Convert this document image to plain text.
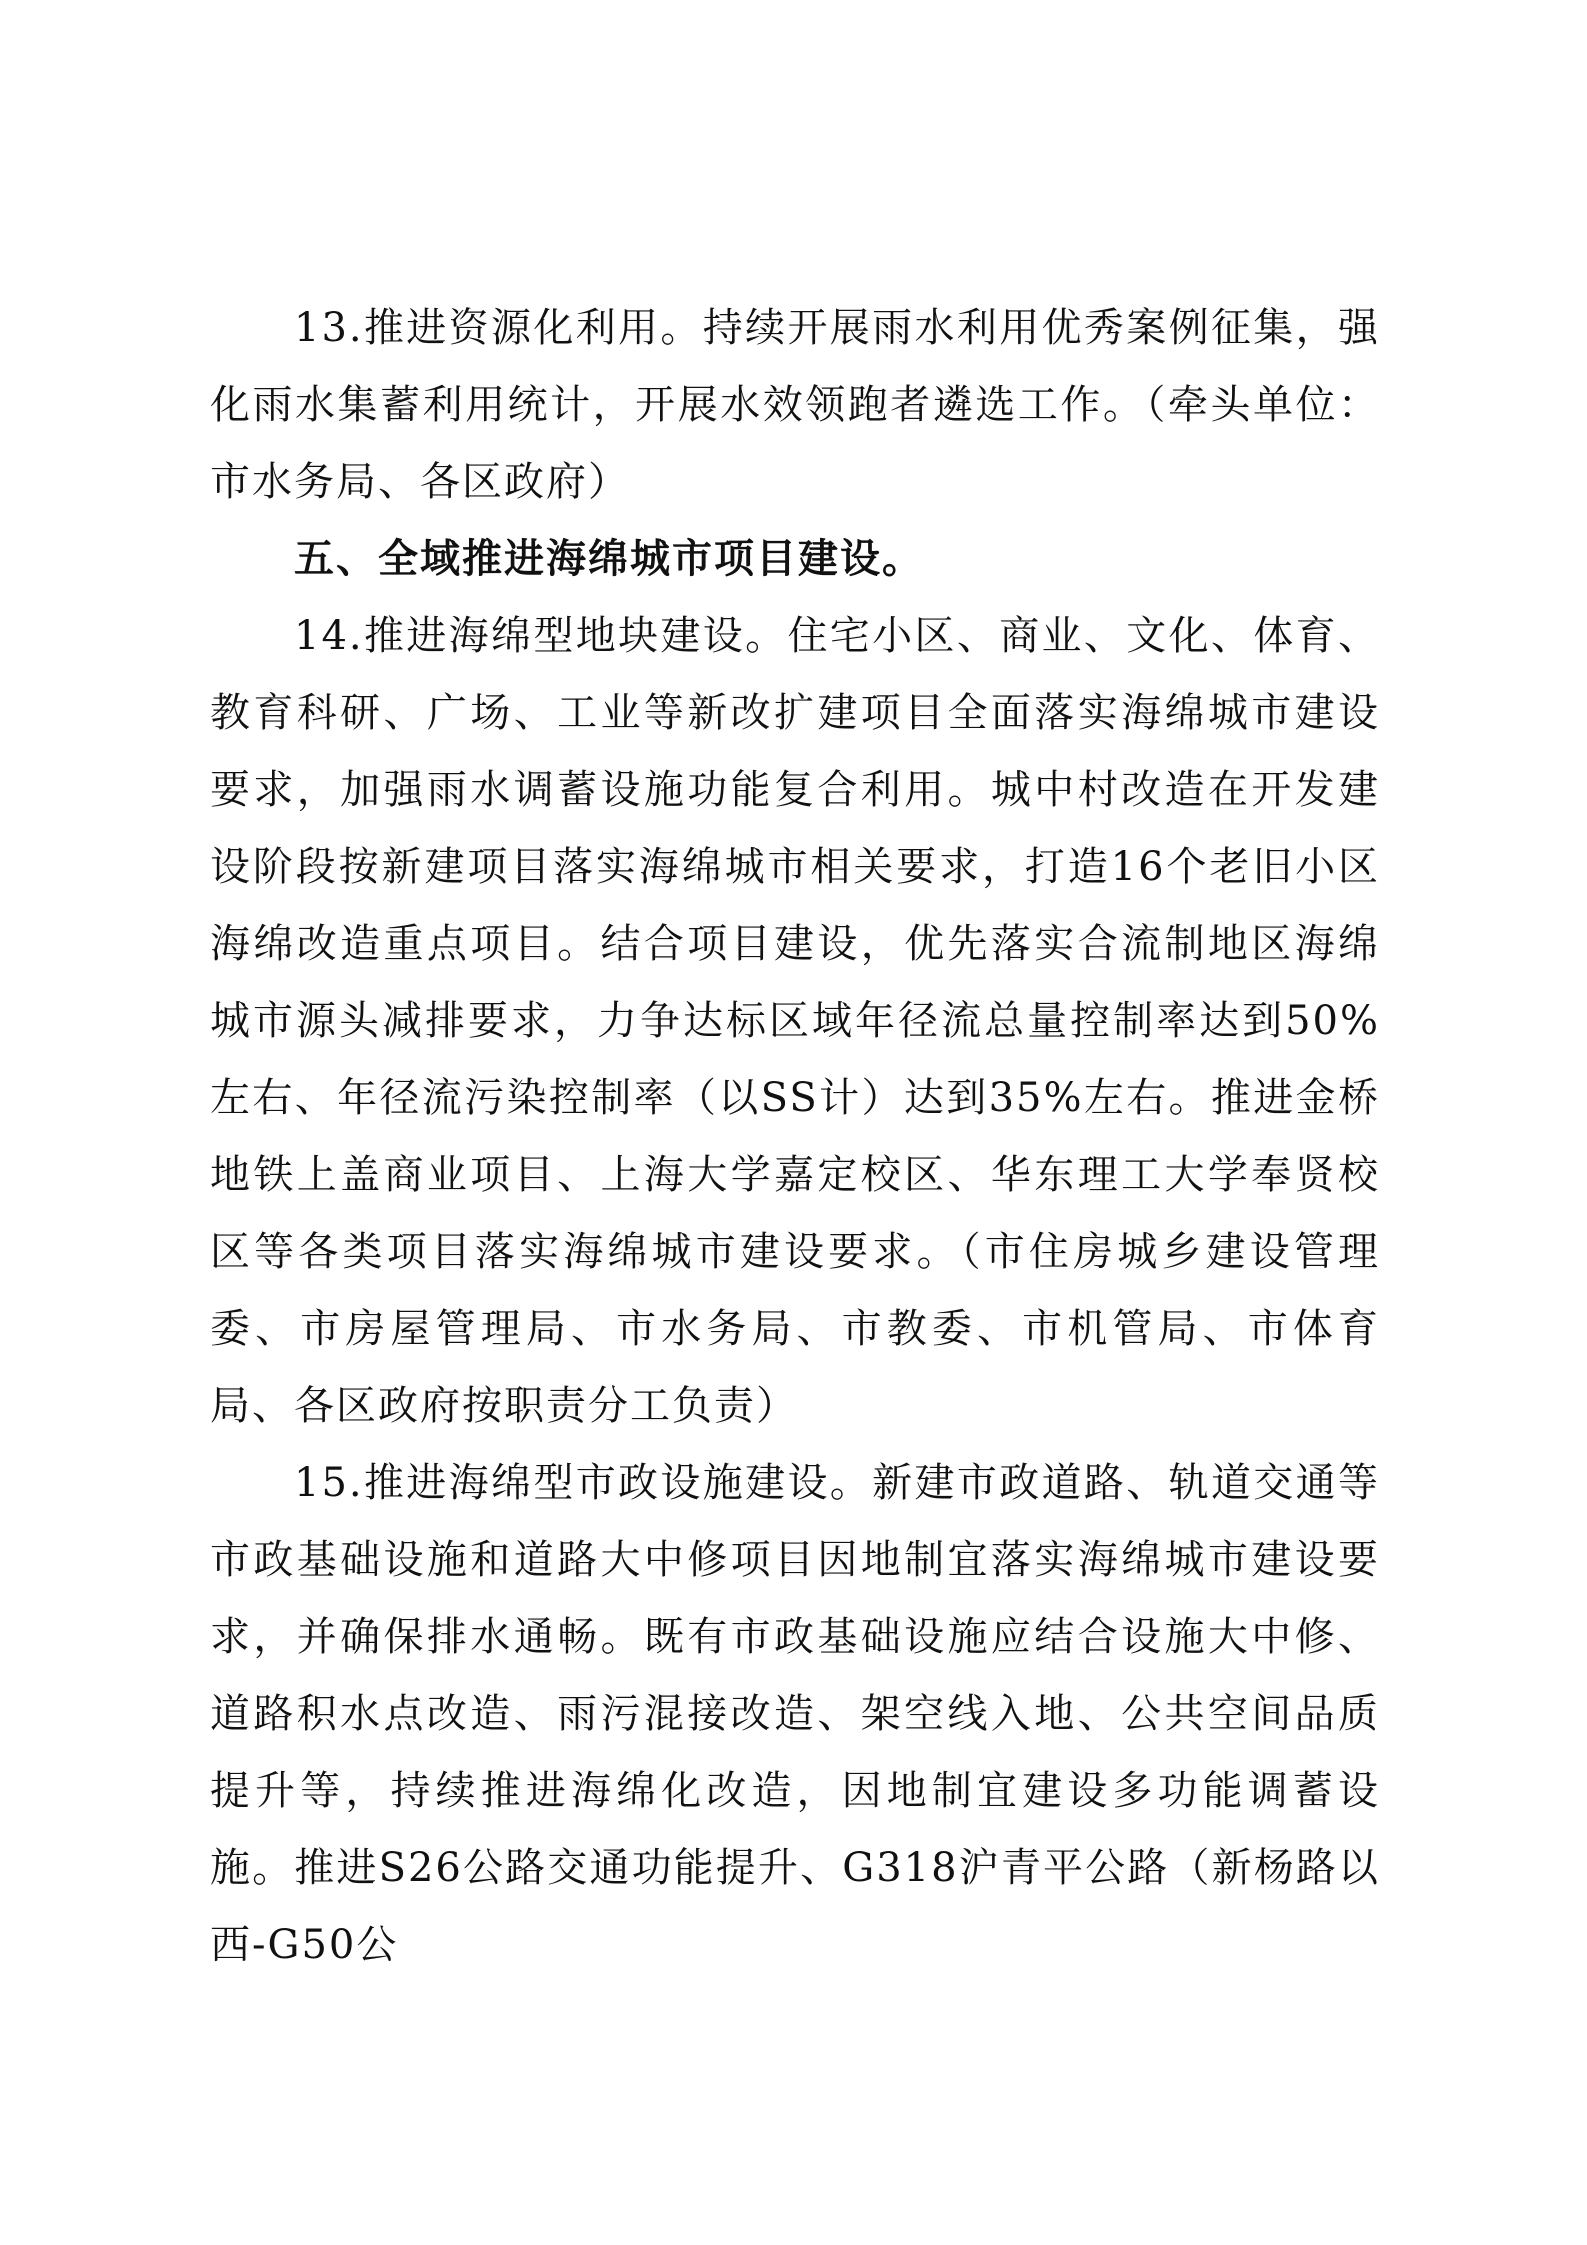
13.推进资源化利用。持续开展雨水利用优秀案例征集，强化雨水集蓄利用统计，开展水效领跑者遴选工作。（牵头单位：市水务局、各区政府）

五、全域推进海绵城市项目建设。

14.推进海绵型地块建设。住宅小区、商业、文化、体育、教育科研、广场、工业等新改扩建项目全面落实海绵城市建设要求，加强雨水调蓄设施功能复合利用。城中村改造在开发建设阶段按新建项目落实海绵城市相关要求，打造16个老旧小区海绵改造重点项目。结合项目建设，优先落实合流制地区海绵城市源头减排要求，力争达标区域年径流总量控制率达到50%左右、年径流污染控制率（以SS计）达到35%左右。推进金桥地铁上盖商业项目、上海大学嘉定校区、华东理工大学奉贤校区等各类项目落实海绵城市建设要求。（市住房城乡建设管理委、市房屋管理局、市水务局、市教委、市机管局、市体育局、各区政府按职责分工负责）

15.推进海绵型市政设施建设。新建市政道路、轨道交通等市政基础设施和道路大中修项目因地制宜落实海绵城市建设要求，并确保排水通畅。既有市政基础设施应结合设施大中修、道路积水点改造、雨污混接改造、架空线入地、公共空间品质提升等，持续推进海绵化改造，因地制宜建设多功能调蓄设施。推进S26公路交通功能提升、G318沪青平公路（新杨路以西-G50公
